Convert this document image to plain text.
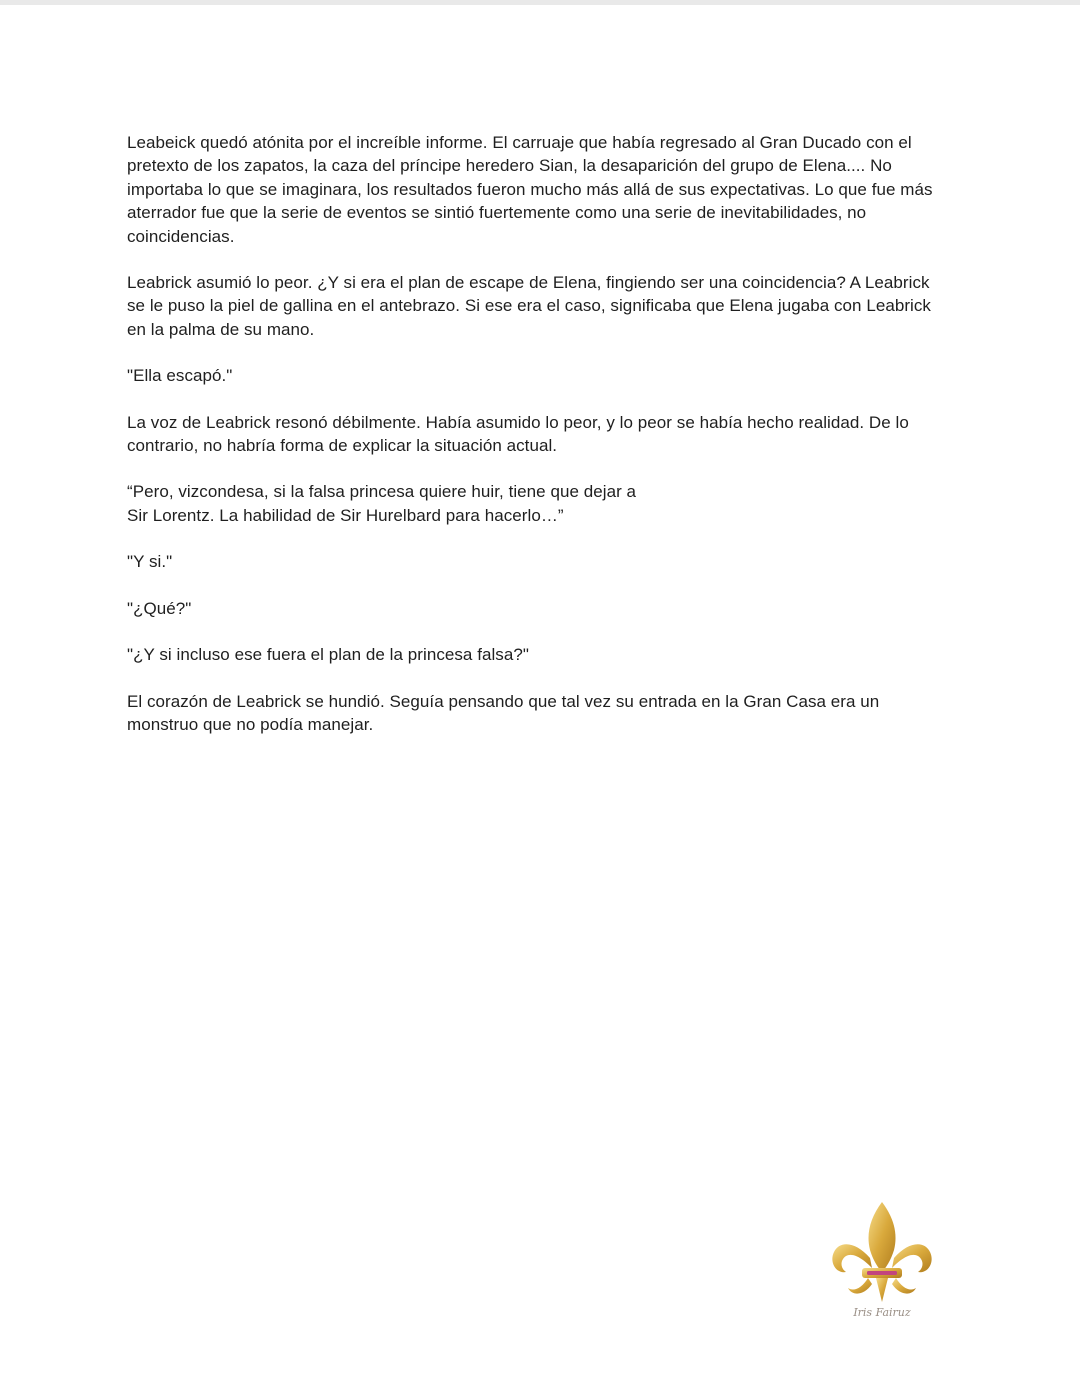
Leabeick quedó atónita por el increíble informe. El carruaje que había regresado al Gran Ducado con el pretexto de los zapatos, la caza del príncipe heredero Sian, la desaparición del grupo de Elena.... No importaba lo que se imaginara, los resultados fueron mucho más allá de sus expectativas. Lo que fue más aterrador fue que la serie de eventos se sintió fuertemente como una serie de inevitabilidades, no coincidencias.

Leabrick asumió lo peor. ¿Y si era el plan de escape de Elena, fingiendo ser una coincidencia? A Leabrick se le puso la piel de gallina en el antebrazo. Si ese era el caso, significaba que Elena jugaba con Leabrick en la palma de su mano.

"Ella escapó."

La voz de Leabrick resonó débilmente. Había asumido lo peor, y lo peor se había hecho realidad. De lo contrario, no habría forma de explicar la situación actual.

“Pero, vizcondesa, si la falsa princesa quiere huir, tiene que dejar a
Sir Lorentz. La habilidad de Sir Hurelbard para hacerlo…”

"Y si."

"¿Qué?"

"¿Y si incluso ese fuera el plan de la princesa falsa?"

El corazón de Leabrick se hundió. Seguía pensando que tal vez su entrada en la Gran Casa era un monstruo que no podía manejar.

Iris Fairuz
